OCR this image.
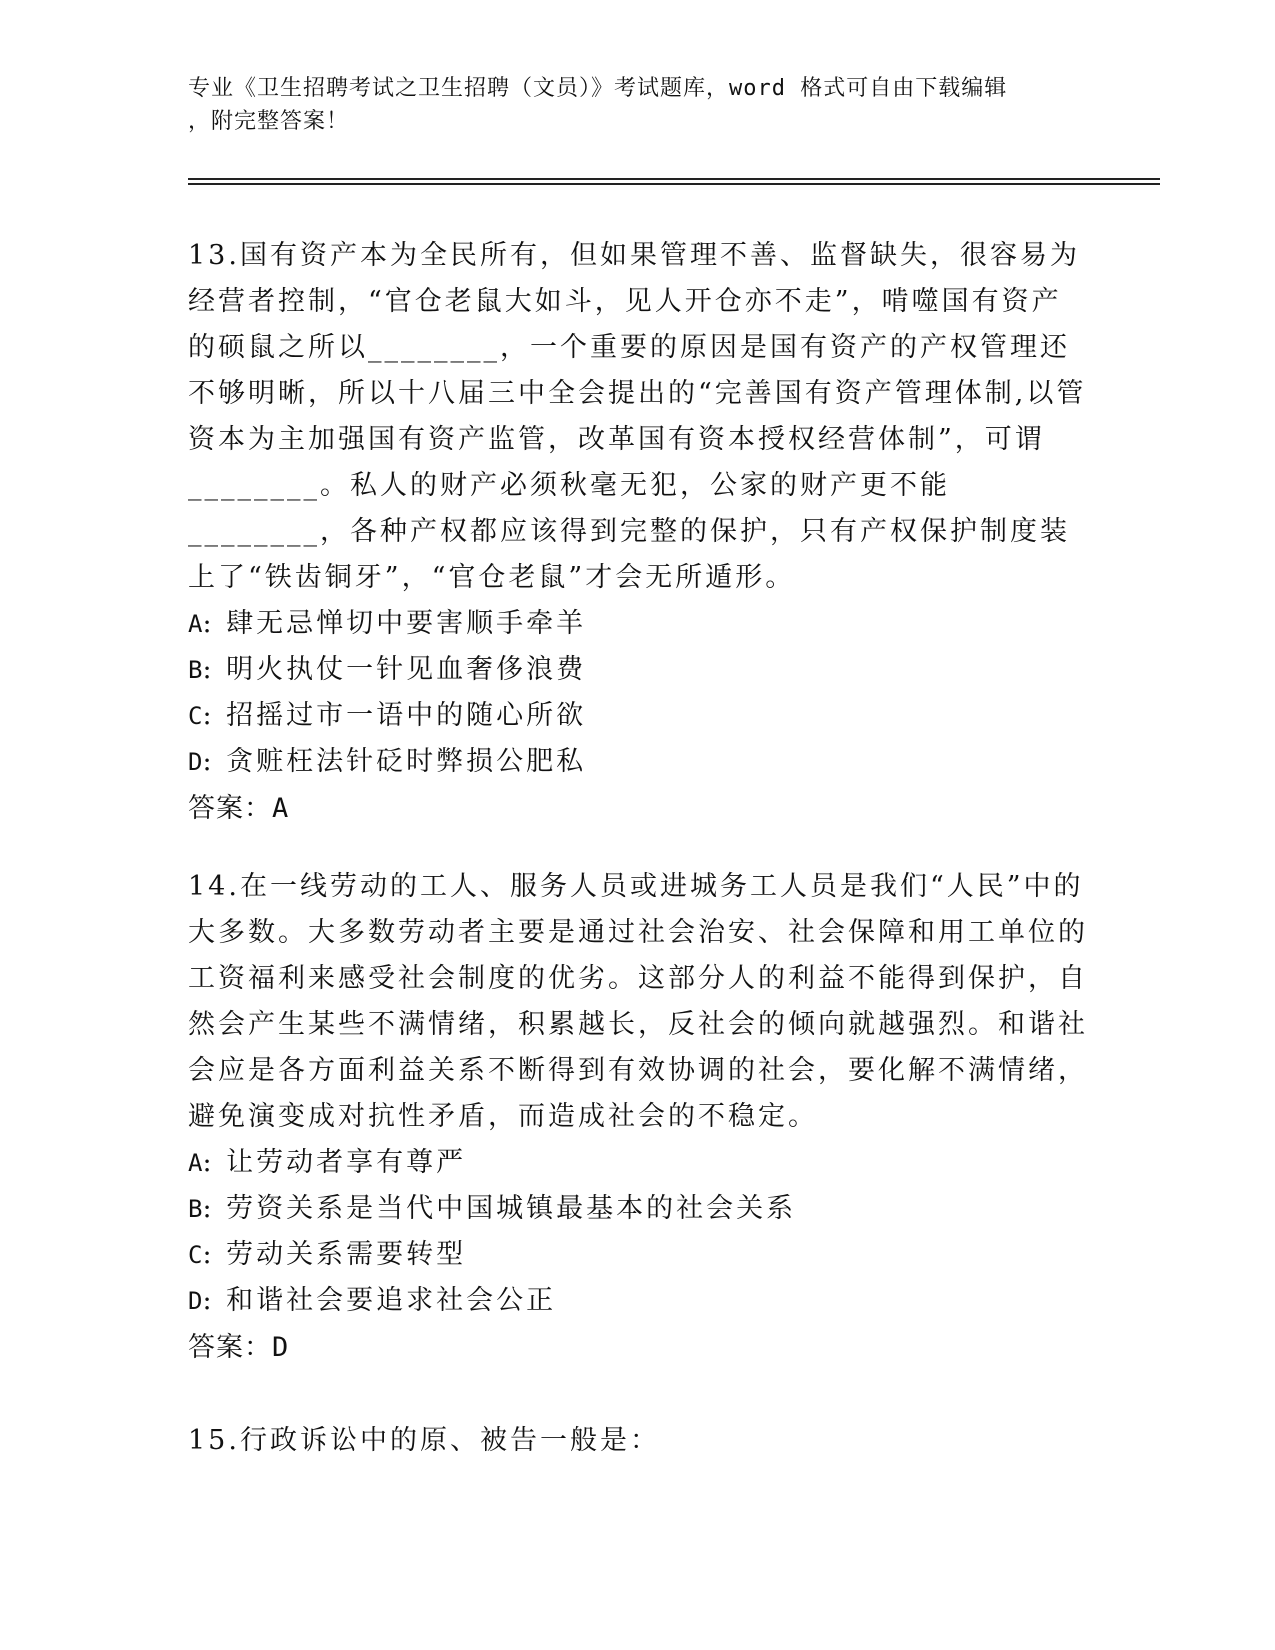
专业《卫生招聘考试之卫生招聘（文员）》考试题库，word 格式可自由下载编辑
，附完整答案！

13.国有资产本为全民所有，但如果管理不善、监督缺失，很容易为经营者控制，“官仓老鼠大如斗，见人开仓亦不走”，啃噬国有资产的硕鼠之所以________，一个重要的原因是国有资产的产权管理还不够明晰，所以十八届三中全会提出的“完善国有资产管理体制,以管资本为主加强国有资产监管，改革国有资本授权经营体制”，可谓________。私人的财产必须秋毫无犯，公家的财产更不能________，各种产权都应该得到完整的保护，只有产权保护制度装上了“铁齿铜牙”，“官仓老鼠”才会无所遁形。

A: 肆无忌惮切中要害顺手牵羊
B: 明火执仗一针见血奢侈浪费
C: 招摇过市一语中的随心所欲
D: 贪赃枉法针砭时弊损公肥私
答案：A

14.在一线劳动的工人、服务人员或进城务工人员是我们“人民”中的大多数。大多数劳动者主要是通过社会治安、社会保障和用工单位的工资福利来感受社会制度的优劣。这部分人的利益不能得到保护，自然会产生某些不满情绪，积累越长，反社会的倾向就越强烈。和谐社会应是各方面利益关系不断得到有效协调的社会，要化解不满情绪，避免演变成对抗性矛盾，而造成社会的不稳定。

A: 让劳动者享有尊严
B: 劳资关系是当代中国城镇最基本的社会关系
C: 劳动关系需要转型
D: 和谐社会要追求社会公正
答案：D

15.行政诉讼中的原、被告一般是：
